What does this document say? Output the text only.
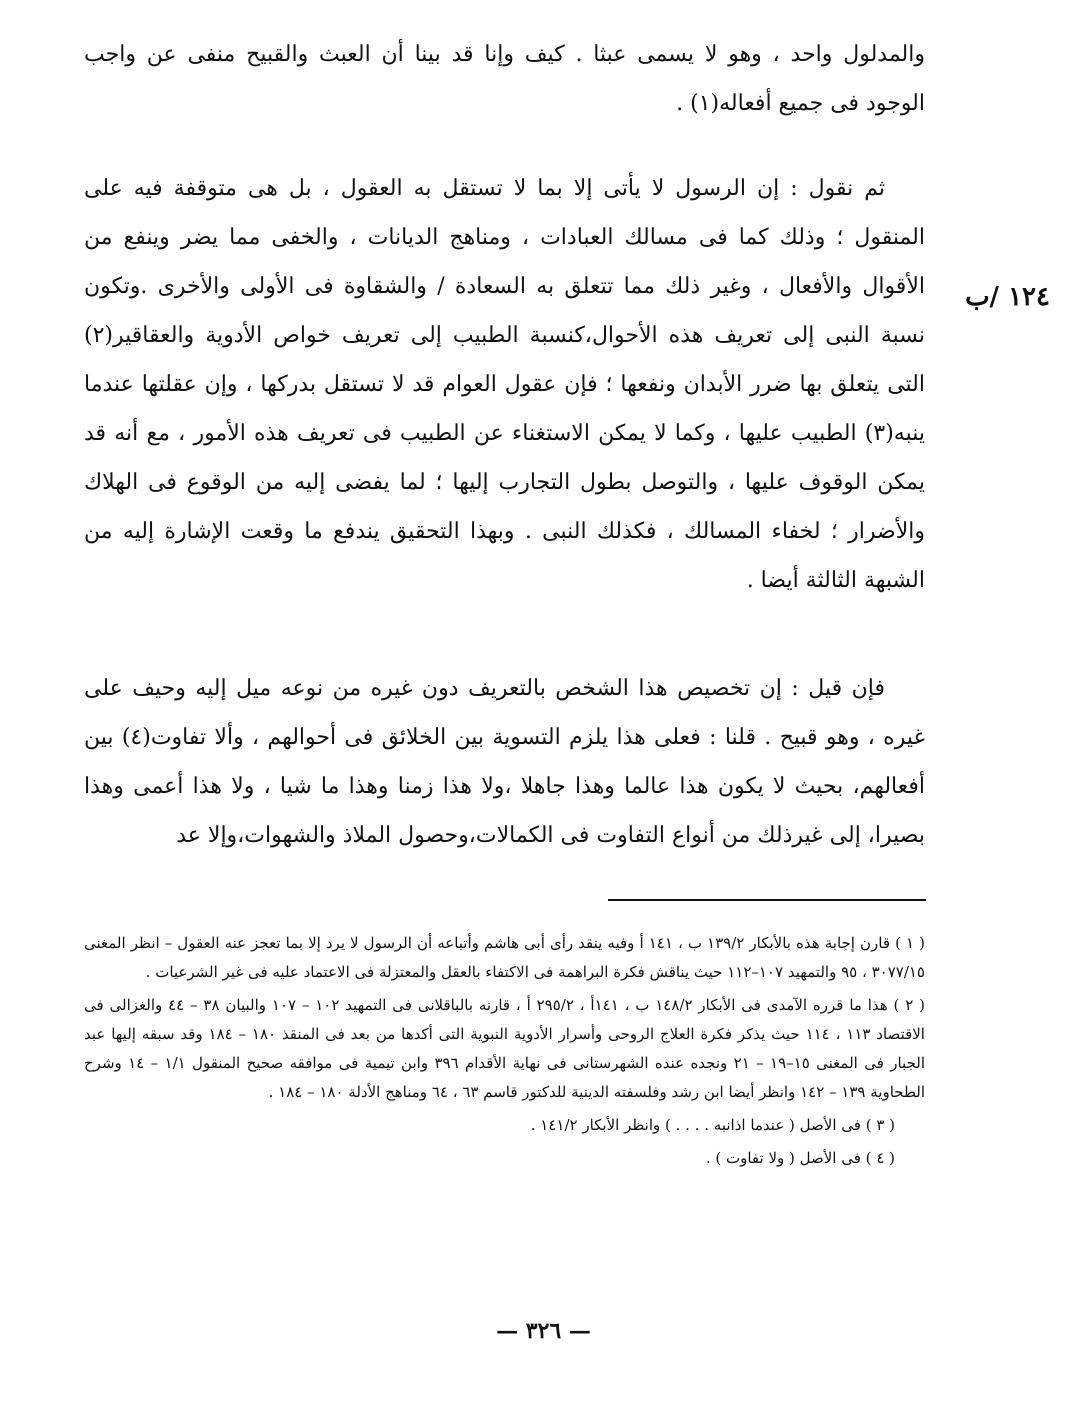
والمدلول واحد ، وهو لا يسمى عبثا . كيف وإنا قد بينا أن العبث والقبيح منفى عن واجب الوجود فى جميع أفعاله(١) .

ثم نقول : إن الرسول لا يأتى إلا بما لا تستقل به العقول ، بل هى متوقفة فيه على المنقول ؛ وذلك كما فى مسالك العبادات ، ومناهج الديانات ، والخفى مما يضر وينفع من الأقوال والأفعال ، وغير ذلك مما تتعلق به السعادة / والشقاوة فى الأولى والأخرى .وتكون نسبة النبى إلى تعريف هذه الأحوال،كنسبة الطبيب إلى تعريف خواص الأدوية والعقاقير(٢) التى يتعلق بها ضرر الأبدان ونفعها ؛ فإن عقول العوام قد لا تستقل بدركها ، وإن عقلتها عندما ينبه(٣) الطبيب عليها ، وكما لا يمكن الاستغناء عن الطبيب فى تعريف هذه الأمور ، مع أنه قد يمكن الوقوف عليها ، والتوصل بطول التجارب إليها ؛ لما يفضى إليه من الوقوع فى الهلاك والأضرار ؛ لخفاء المسالك ، فكذلك النبى . وبهذا التحقيق يندفع ما وقعت الإشارة إليه من الشبهة الثالثة أيضا .

١٢٤ /ب

فإن قيل : إن تخصيص هذا الشخص بالتعريف دون غيره من نوعه ميل إليه وحيف على غيره ، وهو قبيح . قلنا : فعلى هذا يلزم التسوية بين الخلائق فى أحوالهم ، وألا تفاوت(٤) بين أفعالهم، بحيث لا يكون هذا عالما وهذا جاهلا ،ولا هذا زمنا وهذا ما شيا ، ولا هذا أعمى وهذا بصيرا، إلى غيرذلك من أنواع التفاوت فى الكمالات،وحصول الملاذ والشهوات،وإلا عد

( ١ ) قارن إجابة هذه بالأبكار ١٣٩/٢ ب ، ١٤١ أ وفيه ينقد رأى أبى هاشم وأتباعه أن الرسول لا يرد إلا بما تعجز عنه العقول – انظر المغنى ٣٠٧٧/١٥ ، ٩٥ والتمهيد ١٠٧–١١٢ حيث يناقش فكرة البراهمة فى الاكتفاء بالعقل والمعتزلة فى الاعتماد عليه فى غير الشرعيات .

( ٢ ) هذا ما قرره الآمدى فى الأبكار ١٤٨/٢ ب ، ١٤١أ ، ٢٩٥/٢ أ ، قارنه بالباقلانى فى التمهيد ١٠٢ – ١٠٧ والبيان ٣٨ – ٤٤ والغزالى فى الاقتصاد ١١٣ ، ١١٤ حيث يذكر فكرة العلاج الروحى وأسرار الأدوية النبوية التى أكدها من بعد فى المنقذ ١٨٠ – ١٨٤ وقد سبقه إليها عبد الجبار فى المغنى ١٥–١٩ – ٢١ ونجده عنده الشهرستانى فى نهاية الأقدام ٣٩٦ وابن تيمية فى موافقه صحيح المنقول ١/١ – ١٤ وشرح الطحاوية ١٣٩ – ١٤٢ وانظر أيضا ابن رشد وفلسفته الدينية للدكتور قاسم ٦٣ ، ٦٤ ومناهج الأدلة ١٨٠ – ١٨٤ .

( ٣ ) فى الأصل ( عندما اذانبه . . . . ) وانظر الأبكار ١٤١/٢ .

( ٤ ) فى الأصل ( ولا تفاوت ) .

— ٣٢٦ —
